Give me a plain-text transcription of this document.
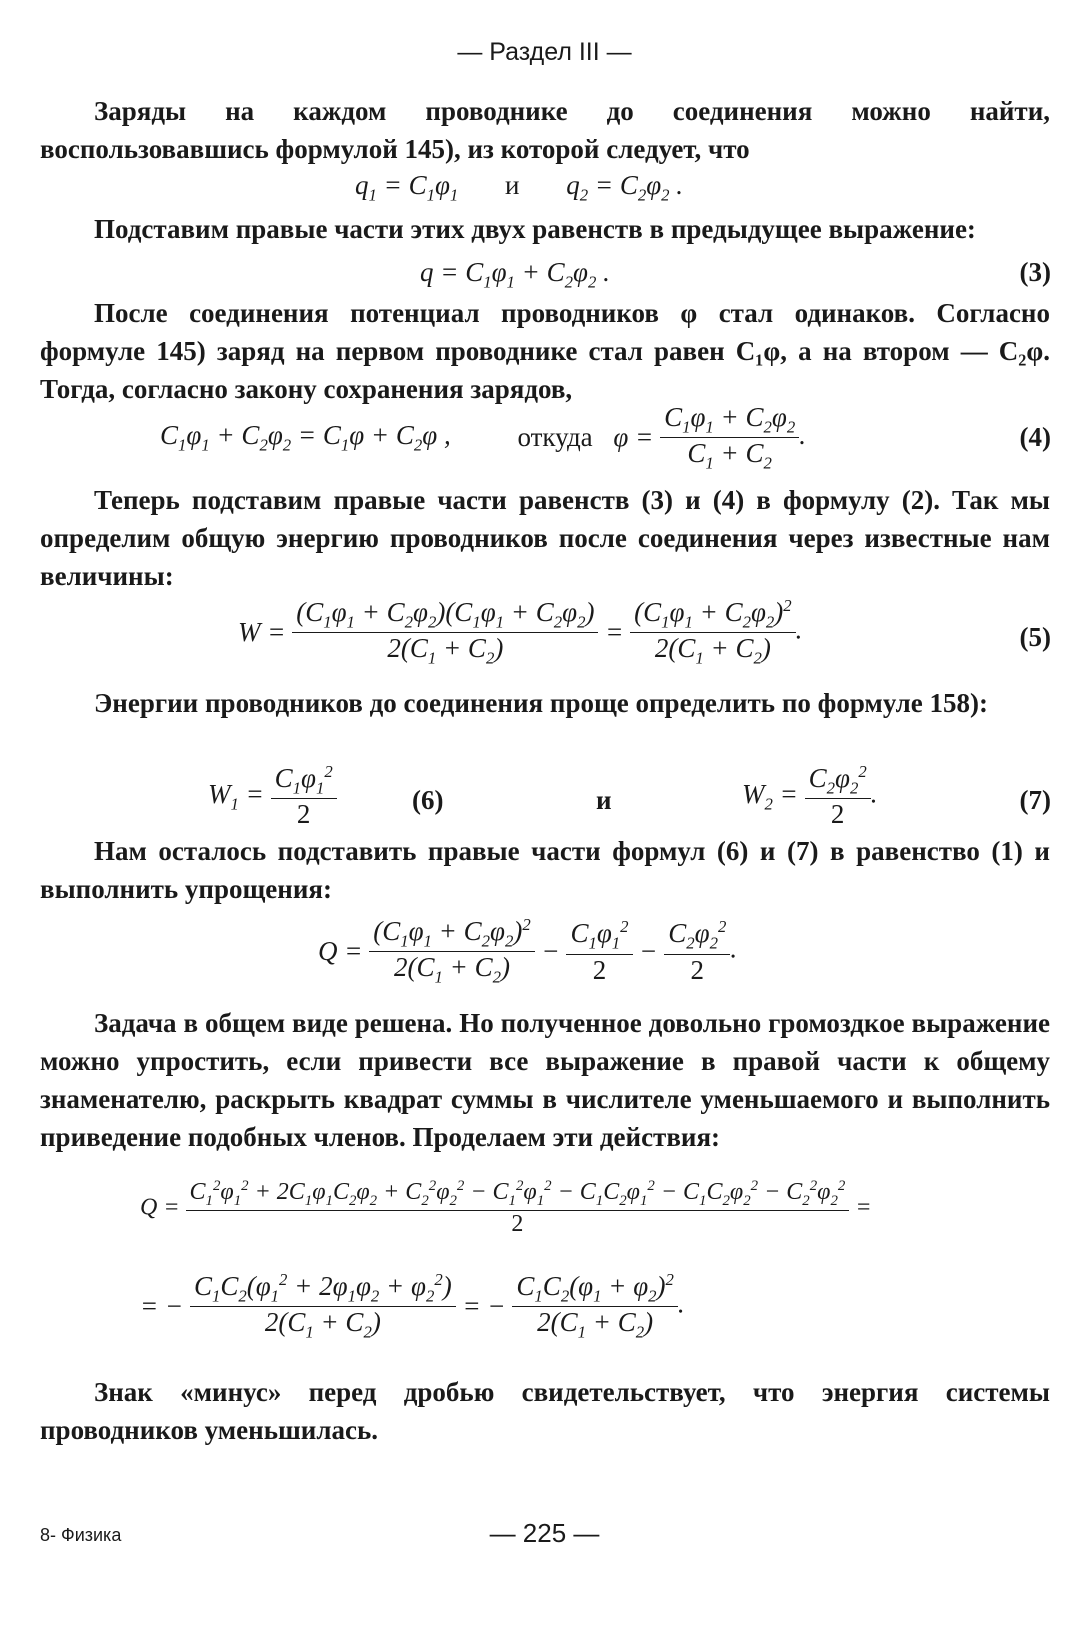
— Раздел III —
Заряды на каждом проводнике до соединения можно найти, воспользовавшись формулой 145), из которой следует, что
$q_1 = C_1\varphi_1$ и $q_2 = C_2\varphi_2$ .
Подставим правые части этих двух равенств в предыдущее выражение:
$q = C_1\varphi_1 + C_2\varphi_2$ .	(3)
После соединения потенциал проводников φ стал одинаков. Согласно формуле 145) заряд на первом проводнике стал равен C₁φ, а на втором — C₂φ. Тогда, согласно закону сохранения зарядов,
$C_1\varphi_1 + C_2\varphi_2 = C_1\varphi + C_2\varphi$ , откуда $\varphi = \frac{C_1\varphi_1 + C_2\varphi_2}{C_1 + C_2}$ .	(4)
Теперь подставим правые части равенств (3) и (4) в формулу (2). Так мы определим общую энергию проводников после соединения через известные нам величины:
$W = \frac{(C_1\varphi_1 + C_2\varphi_2)(C_1\varphi_1 + C_2\varphi_2)}{2(C_1 + C_2)} = \frac{(C_1\varphi_1 + C_2\varphi_2)^2}{2(C_1 + C_2)}$ .	(5)
Энергии проводников до соединения проще определить по формуле 158):
$W_1 = \frac{C_1\varphi_1^2}{2}$	(6)	и	$W_2 = \frac{C_2\varphi_2^2}{2}$ .	(7)
Нам осталось подставить правые части формул (6) и (7) в равенство (1) и выполнить упрощения:
$Q = \frac{(C_1\varphi_1 + C_2\varphi_2)^2}{2(C_1 + C_2)} - \frac{C_1\varphi_1^2}{2} - \frac{C_2\varphi_2^2}{2}$ .
Задача в общем виде решена. Но полученное довольно громоздкое выражение можно упростить, если привести все выражение в правой части к общему знаменателю, раскрыть квадрат суммы в числителе уменьшаемого и выполнить приведение подобных членов. Проделаем эти действия:
Q =
$C_1^2\varphi_1^2 + 2C_1\varphi_1C_2\varphi_2 + C_2^2\varphi_2^2 - C_1^2\varphi_1^2 - C_1C_2\varphi_1^2 - C_1C_2\varphi_2^2 - C_2^2\varphi_2^2$
2
=
= − $\frac{C_1C_2(\varphi_1^2 + 2\varphi_1\varphi_2 + \varphi_2^2)}{2(C_1 + C_2)}$ = − $\frac{C_1C_2(\varphi_1 + \varphi_2)^2}{2(C_1 + C_2)}$ .
Знак «минус» перед дробью свидетельствует, что энергия системы проводников уменьшилась.
8- Физика	— 225 —
